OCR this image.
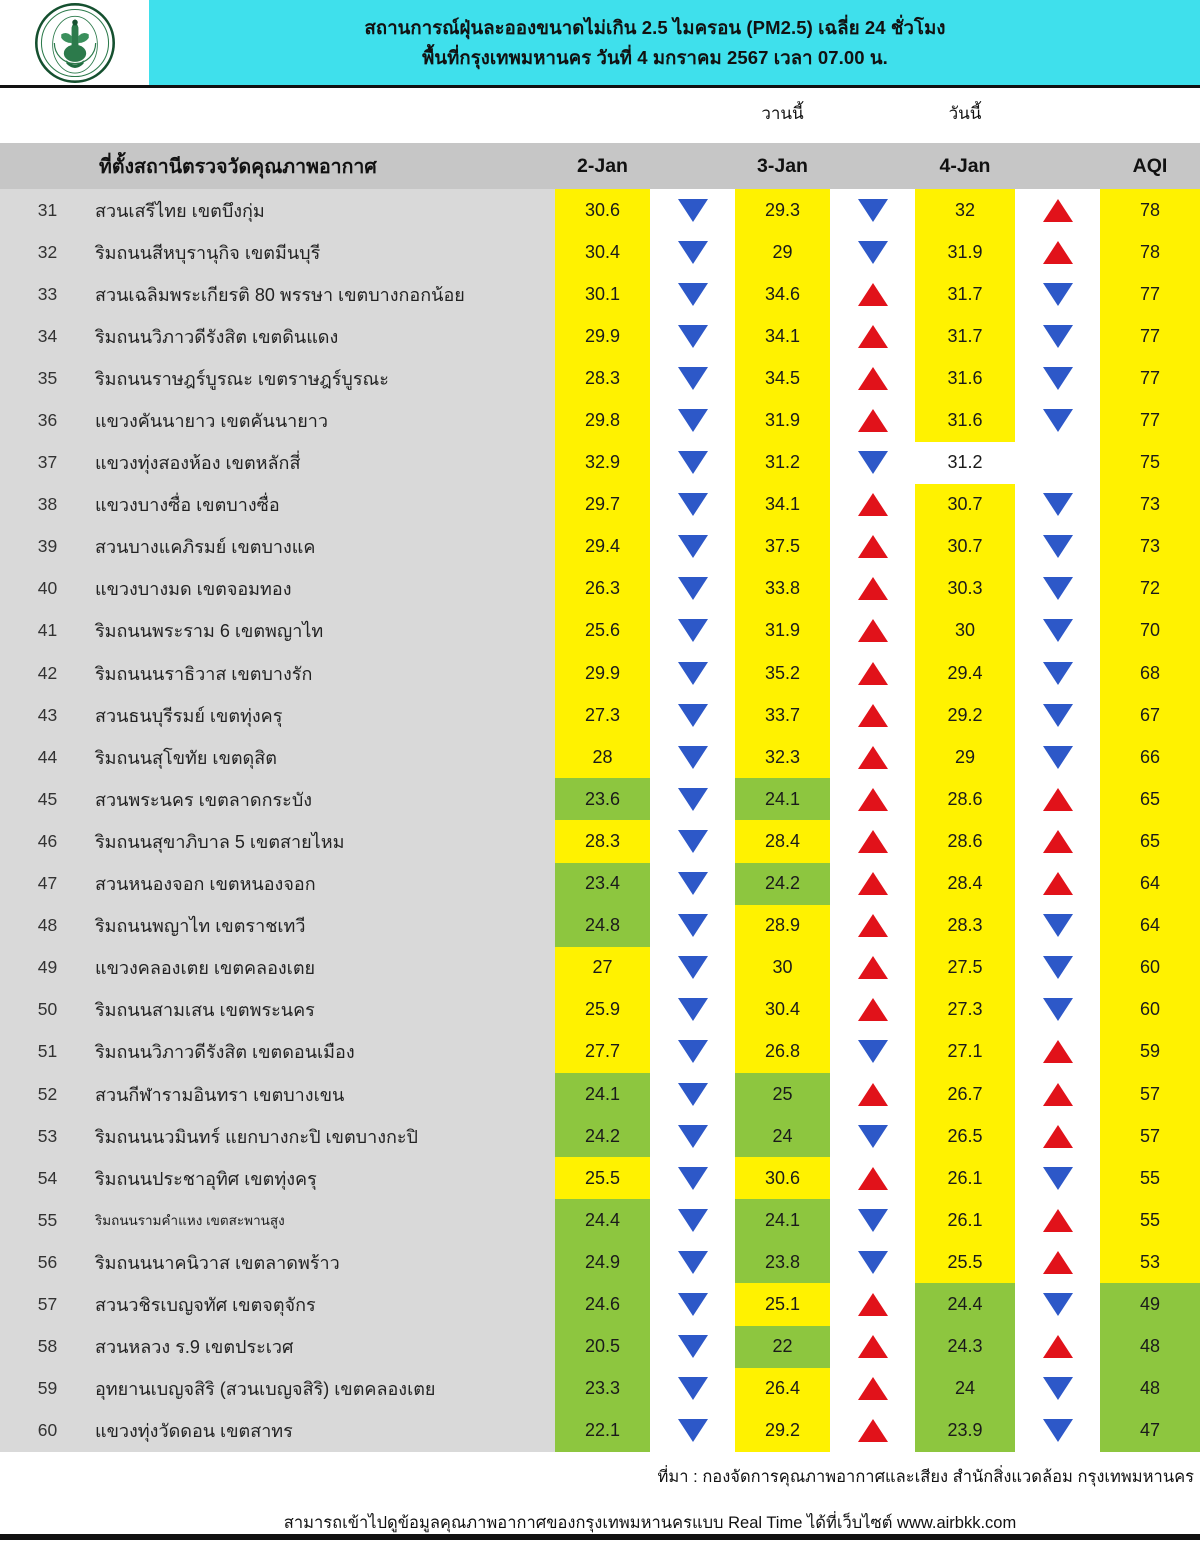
สถานการณ์ฝุ่นละอองขนาดไม่เกิน 2.5 ไมครอน (PM2.5) เฉลี่ย 24 ชั่วโมง
พื้นที่กรุงเทพมหานคร วันที่ 4 มกราคม 2567 เวลา 07.00 น.
วานนี้	วันนี้
	ที่ตั้งสถานีตรวจวัดคุณภาพอากาศ	2-Jan		3-Jan		4-Jan		AQI
31	สวนเสรีไทย เขตบึงกุ่ม	30.6		29.3		32		78

32	ริมถนนสีหบุรานุกิจ เขตมีนบุรี	30.4		29		31.9		78

33	สวนเฉลิมพระเกียรติ 80 พรรษา เขตบางกอกน้อย	30.1		34.6		31.7		77

34	ริมถนนวิภาวดีรังสิต เขตดินแดง	29.9		34.1		31.7		77

35	ริมถนนราษฎร์บูรณะ เขตราษฎร์บูรณะ	28.3		34.5		31.6		77

36	แขวงคันนายาว เขตคันนายาว	29.8		31.9		31.6		77

37	แขวงทุ่งสองห้อง เขตหลักสี่	32.9		31.2		31.2		75

38	แขวงบางซื่อ เขตบางซื่อ	29.7		34.1		30.7		73

39	สวนบางแคภิรมย์ เขตบางแค	29.4		37.5		30.7		73

40	แขวงบางมด เขตจอมทอง	26.3		33.8		30.3		72

41	ริมถนนพระราม 6 เขตพญาไท	25.6		31.9		30		70

42	ริมถนนนราธิวาส เขตบางรัก	29.9		35.2		29.4		68

43	สวนธนบุรีรมย์ เขตทุ่งครุ	27.3		33.7		29.2		67

44	ริมถนนสุโขทัย เขตดุสิต	28		32.3		29		66

45	สวนพระนคร เขตลาดกระบัง	23.6		24.1		28.6		65

46	ริมถนนสุขาภิบาล 5 เขตสายไหม	28.3		28.4		28.6		65

47	สวนหนองจอก เขตหนองจอก	23.4		24.2		28.4		64

48	ริมถนนพญาไท เขตราชเทวี	24.8		28.9		28.3		64

49	แขวงคลองเตย เขตคลองเตย	27		30		27.5		60

50	ริมถนนสามเสน เขตพระนคร	25.9		30.4		27.3		60

51	ริมถนนวิภาวดีรังสิต เขตดอนเมือง	27.7		26.8		27.1		59

52	สวนกีฬารามอินทรา เขตบางเขน	24.1		25		26.7		57

53	ริมถนนนวมินทร์ แยกบางกะปิ เขตบางกะปิ	24.2		24		26.5		57

54	ริมถนนประชาอุทิศ เขตทุ่งครุ	25.5		30.6		26.1		55

55	ริมถนนรามคำแหง เขตสะพานสูง	24.4		24.1		26.1		55

56	ริมถนนนาคนิวาส เขตลาดพร้าว	24.9		23.8		25.5		53

57	สวนวชิรเบญจทัศ เขตจตุจักร	24.6		25.1		24.4		49

58	สวนหลวง ร.9 เขตประเวศ	20.5		22		24.3		48

59	อุทยานเบญจสิริ (สวนเบญจสิริ) เขตคลองเตย	23.3		26.4		24		48

60	แขวงทุ่งวัดดอน เขตสาทร	22.1		29.2		23.9		47
ที่มา : กองจัดการคุณภาพอากาศและเสียง สำนักสิ่งแวดล้อม กรุงเทพมหานคร
สามารถเข้าไปดูข้อมูลคุณภาพอากาศของกรุงเทพมหานครแบบ Real Time ได้ที่เว็บไซต์ www.airbkk.com
